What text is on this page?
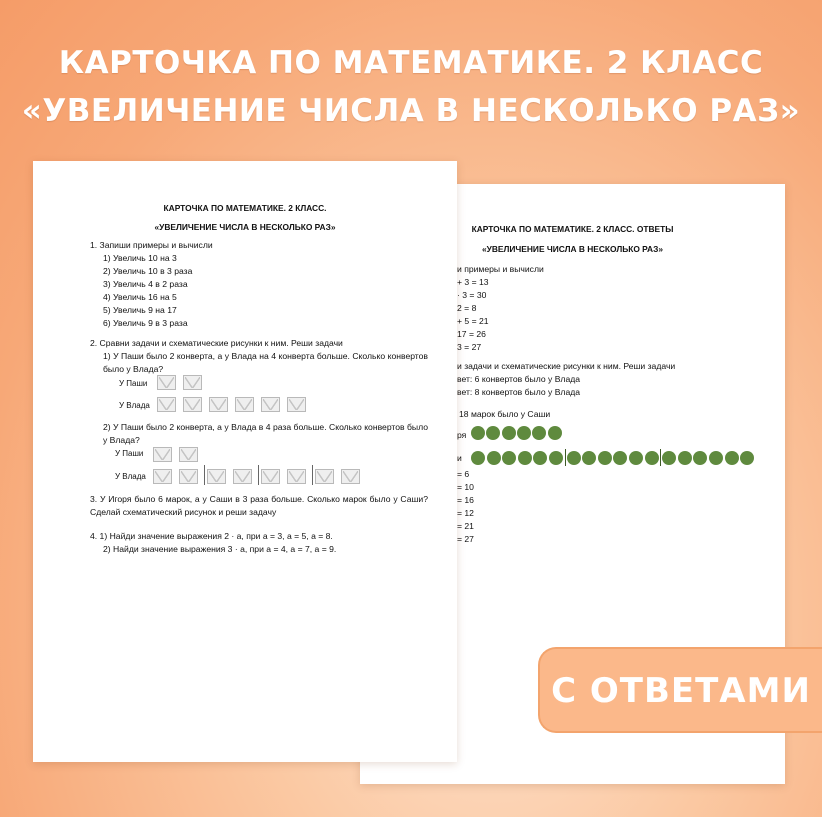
КАРТОЧКА ПО МАТЕМАТИКЕ. 2 КЛАСС
«УВЕЛИЧЕНИЕ ЧИСЛА В НЕСКОЛЬКО РАЗ»
КАРТОЧКА ПО МАТЕМАТИКЕ. 2 КЛАСС. ОТВЕТЫ
«УВЕЛИЧЕНИЕ ЧИСЛА В НЕСКОЛЬКО РАЗ»
и примеры и вычисли
+ 3 = 13
· 3 = 30
2 = 8
+ 5 = 21
17 = 26
3 = 27
и задачи и схематические рисунки к ним. Реши задачи
вет: 6 конвертов было у Влада
вет: 8 конвертов было у Влада
18 марок было у Саши
ря
и
= 6
= 10
= 16
= 12
= 21
= 27
КАРТОЧКА ПО МАТЕМАТИКЕ. 2 КЛАСС.
«УВЕЛИЧЕНИЕ ЧИСЛА В НЕСКОЛЬКО РАЗ»
1. Запиши примеры и вычисли
1) Увеличь 10 на 3
2) Увеличь 10 в 3 раза
3) Увеличь 4 в 2 раза
4) Увеличь 16 на 5
5) Увеличь 9 на 17
6) Увеличь 9 в 3 раза
2. Сравни задачи и схематические рисунки к ним. Реши задачи
1) У Паши было 2 конверта, а у Влада на 4 конверта больше. Сколько конвертов было у Влада?
У Паши
У Влада
2) У Паши было 2 конверта, а у Влада в 4 раза больше. Сколько конвертов было у Влада?
У Паши
У Влада
3. У Игоря было 6 марок, а у Саши в 3 раза больше. Сколько марок было у Саши? Сделай схематический рисунок и реши задачу
4. 1) Найди значение выражения 2 · а, при а = 3, а = 5, а = 8.
2) Найди значение выражения 3 · а, при а = 4, а = 7, а = 9.
С ОТВЕТАМИ
